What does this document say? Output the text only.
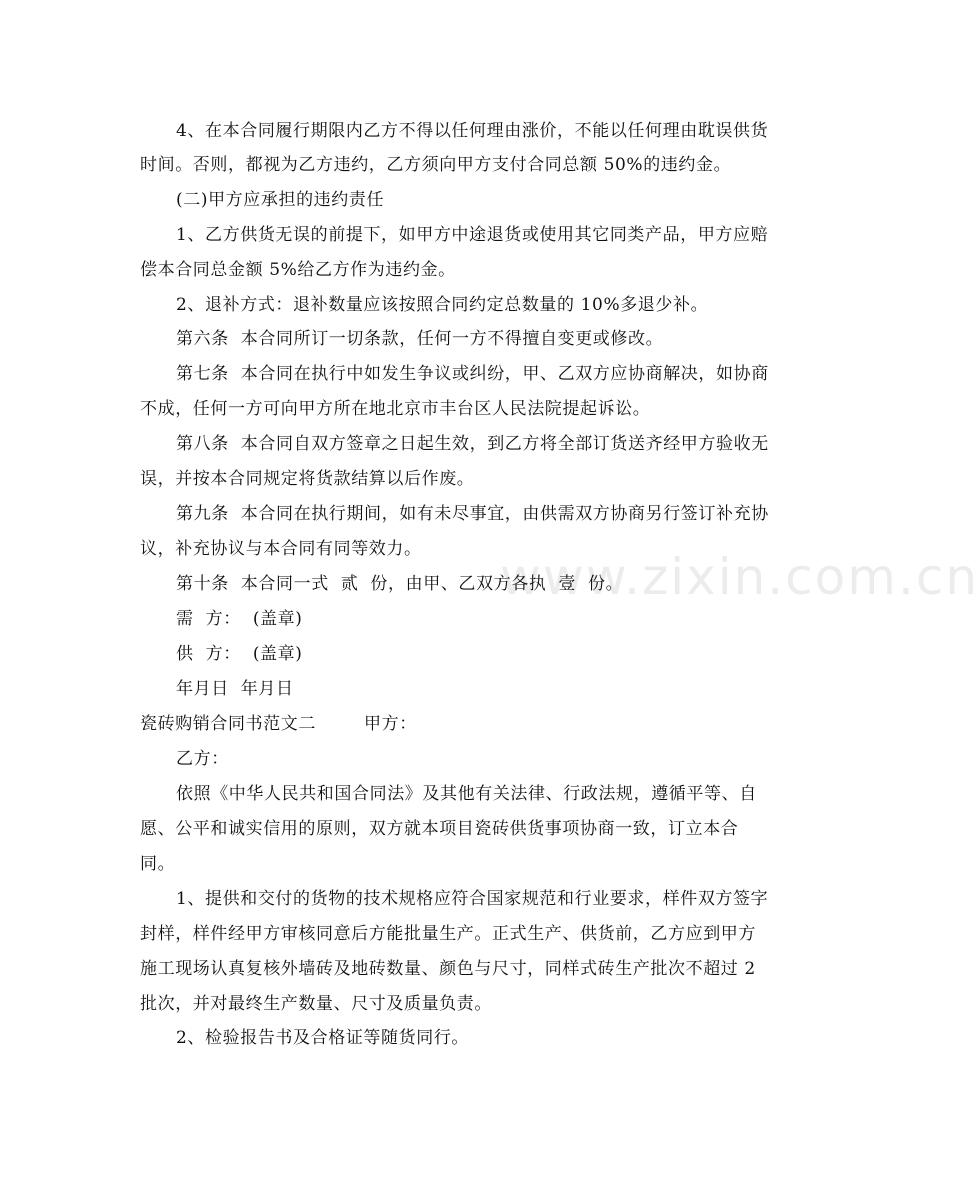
www.zixin.com.cn
4、在本合同履行期限内乙方不得以任何理由涨价，不能以任何理由耽误供货
时间。否则，都视为乙方违约，乙方须向甲方支付合同总额 50%的违约金。
(二)甲方应承担的违约责任
1、乙方供货无误的前提下，如甲方中途退货或使用其它同类产品，甲方应赔
偿本合同总金额 5%给乙方作为违约金。
2、退补方式：退补数量应该按照合同约定总数量的 10%多退少补。
第六条  本合同所订一切条款，任何一方不得擅自变更或修改。
第七条  本合同在执行中如发生争议或纠纷，甲、乙双方应协商解决，如协商
不成，任何一方可向甲方所在地北京市丰台区人民法院提起诉讼。
第八条  本合同自双方签章之日起生效，到乙方将全部订货送齐经甲方验收无
误，并按本合同规定将货款结算以后作废。
第九条  本合同在执行期间，如有未尽事宜，由供需双方协商另行签订补充协
议，补充协议与本合同有同等效力。
第十条  本合同一式  贰  份，由甲、乙双方各执  壹  份。
需  方：  (盖章)
供  方：  (盖章)
年月日  年月日
瓷砖购销合同书范文二        甲方：
乙方：
依照《中华人民共和国合同法》及其他有关法律、行政法规，遵循平等、自
愿、公平和诚实信用的原则，双方就本项目瓷砖供货事项协商一致，订立本合
同。
1、提供和交付的货物的技术规格应符合国家规范和行业要求，样件双方签字
封样，样件经甲方审核同意后方能批量生产。正式生产、供货前，乙方应到甲方
施工现场认真复核外墙砖及地砖数量、颜色与尺寸，同样式砖生产批次不超过 2
批次，并对最终生产数量、尺寸及质量负责。
2、检验报告书及合格证等随货同行。
